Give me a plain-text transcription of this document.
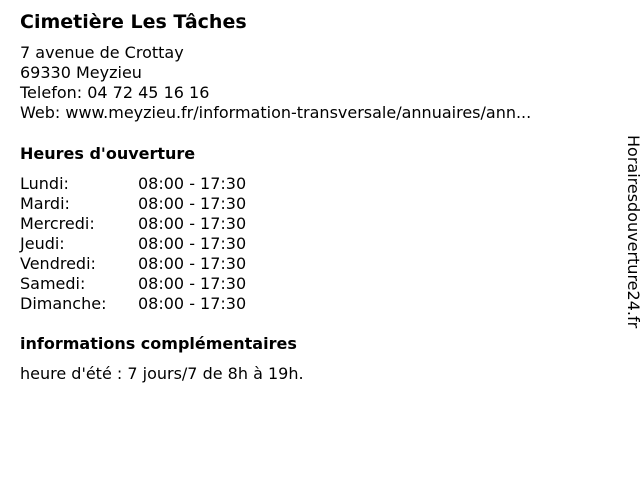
Cimetière Les Tâches
7 avenue de Crottay
69330 Meyzieu
Telefon: 04 72 45 16 16
Web: www.meyzieu.fr/information-transversale/annuaires/ann...
Heures d'ouverture
Lundi:	08:00 - 17:30
Mardi:	08:00 - 17:30
Mercredi:	08:00 - 17:30
Jeudi:	08:00 - 17:30
Vendredi:	08:00 - 17:30
Samedi:	08:00 - 17:30
Dimanche: 08:00 - 17:30
informations complémentaires
heure d'été : 7 jours/7 de 8h à 19h.
Horairesdouverture24.fr
